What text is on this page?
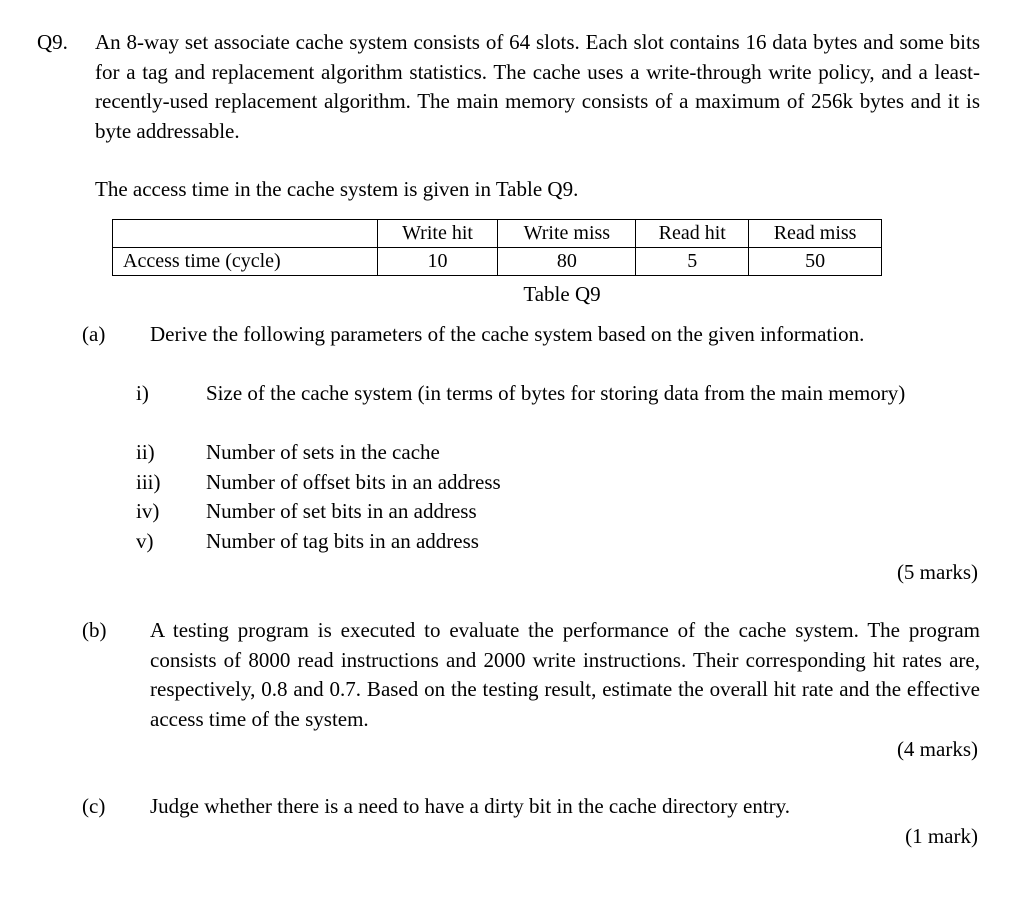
Q9. An 8-way set associate cache system consists of 64 slots. Each slot contains 16 data bytes and some bits for a tag and replacement algorithm statistics. The cache uses a write-through write policy, and a least-recently-used replacement algorithm. The main memory consists of a maximum of 256k bytes and it is byte addressable.
The access time in the cache system is given in Table Q9.
	Write hit	Write miss	Read hit	Read miss
Access time (cycle)	10	80	5	50
Table Q9
(a) Derive the following parameters of the cache system based on the given information.
i)	Size of the cache system (in terms of bytes for storing data from the main memory)
ii) Number of sets in the cache
iii) Number of offset bits in an address
iv) Number of set bits in an address
v)	Number of tag bits in an address
(5 marks)
(b) A testing program is executed to evaluate the performance of the cache system. The program consists of 8000 read instructions and 2000 write instructions. Their corresponding hit rates are, respectively, 0.8 and 0.7. Based on the testing result, estimate the overall hit rate and the effective access time of the system.
(4 marks)
(c) Judge whether there is a need to have a dirty bit in the cache directory entry.
(1 mark)
